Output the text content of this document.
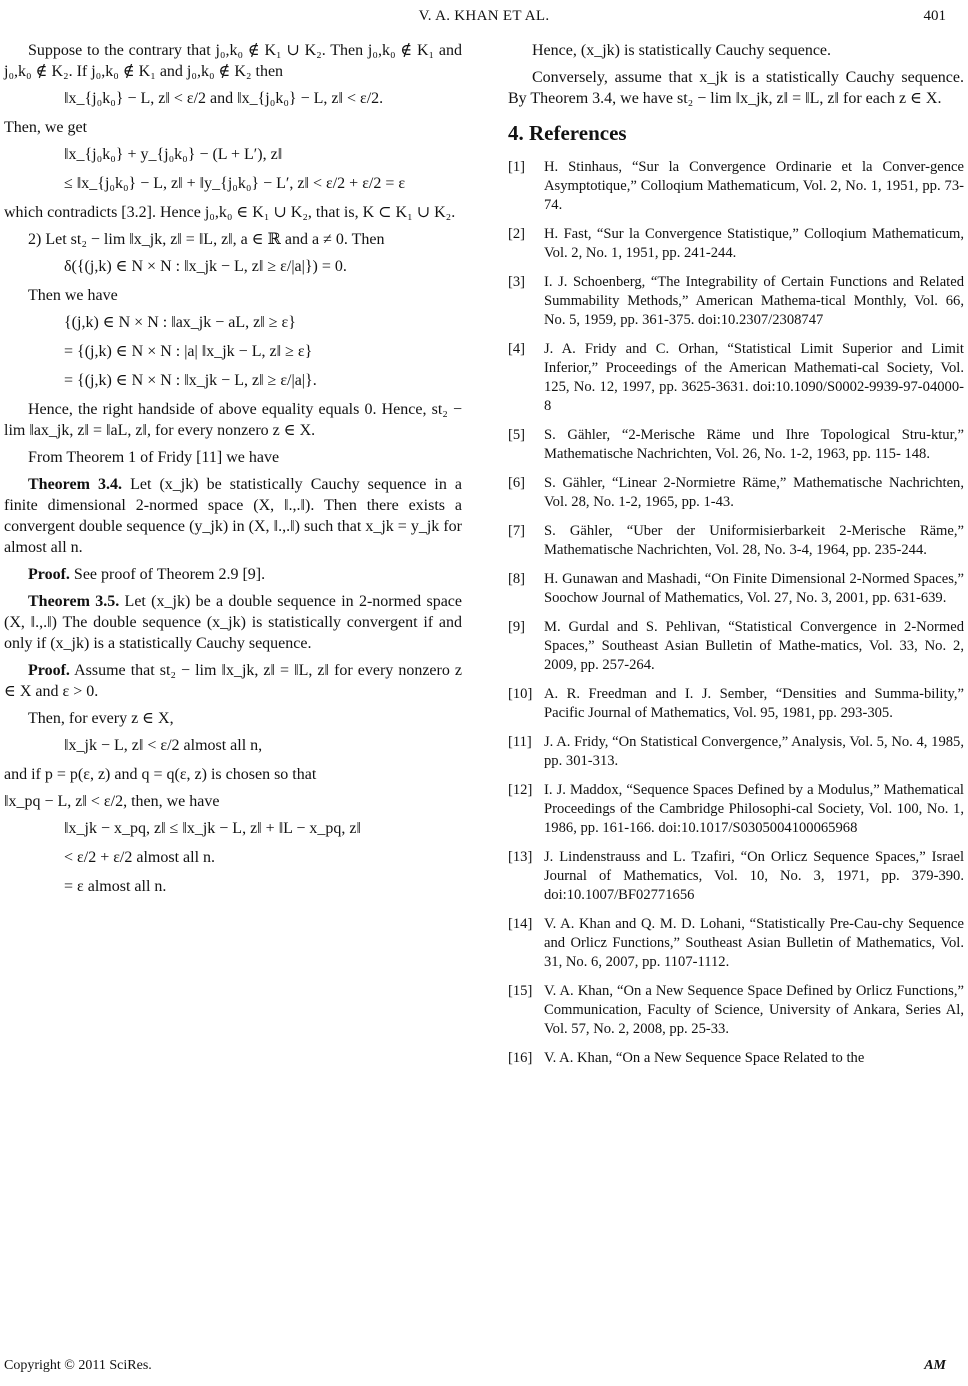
V. A. KHAN ET AL.	401

Suppose to the contrary that j₀,k₀ ∉ K₁ ∪ K₂. Then j₀,k₀ ∉ K₁ and j₀,k₀ ∉ K₂. If j₀,k₀ ∉ K₁ and j₀,k₀ ∉ K₂ then

‖x_{j₀k₀} − L, z‖ < ε/2 and ‖x_{j₀k₀} − L, z‖ < ε/2.

Then, we get

‖x_{j₀k₀} + y_{j₀k₀} − (L + L′), z‖
≤ ‖x_{j₀k₀} − L, z‖ + ‖y_{j₀k₀} − L′, z‖ < ε/2 + ε/2 = ε

which contradicts [3.2]. Hence j₀,k₀ ∈ K₁ ∪ K₂, that is, K ⊂ K₁ ∪ K₂.

2) Let st₂ − lim ‖x_jk, z‖ = ‖L, z‖, a ∈ ℝ and a ≠ 0. Then

δ({(j,k) ∈ N × N : ‖x_jk − L, z‖ ≥ ε/|a|}) = 0.

Then we have

{(j,k) ∈ N × N : ‖ax_jk − aL, z‖ ≥ ε}
= {(j,k) ∈ N × N : |a| ‖x_jk − L, z‖ ≥ ε}
= {(j,k) ∈ N × N : ‖x_jk − L, z‖ ≥ ε/|a|}.

Hence, the right handside of above equality equals 0. Hence, st₂ − lim ‖ax_jk, z‖ = ‖aL, z‖, for every nonzero z ∈ X.

From Theorem 1 of Fridy [11] we have

Theorem 3.4. Let (x_jk) be statistically Cauchy sequence in a finite dimensional 2-normed space (X, ‖.,.‖). Then there exists a convergent double sequence (y_jk) in (X, ‖.,.‖) such that x_jk = y_jk for almost all n.

Proof. See proof of Theorem 2.9 [9].

Theorem 3.5. Let (x_jk) be a double sequence in 2-normed space (X, ‖.,.‖) The double sequence (x_jk) is statistically convergent if and only if (x_jk) is a statistically Cauchy sequence.

Proof. Assume that st₂ − lim ‖x_jk, z‖ = ‖L, z‖ for every nonzero z ∈ X and ε > 0.

Then, for every z ∈ X,

‖x_jk − L, z‖ < ε/2 almost all n,

and if p = p(ε, z) and q = q(ε, z) is chosen so that

‖x_pq − L, z‖ < ε/2, then, we have

‖x_jk − x_pq, z‖ ≤ ‖x_jk − L, z‖ + ‖L − x_pq, z‖
< ε/2 + ε/2 almost all n.
= ε almost all n.

Hence, (x_jk) is statistically Cauchy sequence.

Conversely, assume that x_jk is a statistically Cauchy sequence. By Theorem 3.4, we have st₂ − lim ‖x_jk, z‖ = ‖L, z‖ for each z ∈ X.

4. References
[1]	H. Stinhaus, “Sur la Convergence Ordinarie et la Conver-gence Asymptotique,” Colloqium Mathematicum, Vol. 2, No. 1, 1951, pp. 73-74.
[2]	H. Fast, “Sur la Convergence Statistique,” Colloqium Mathematicum, Vol. 2, No. 1, 1951, pp. 241-244.
[3]	I. J. Schoenberg, “The Integrability of Certain Functions and Related Summability Methods,” American Mathema-tical Monthly, Vol. 66, No. 5, 1959, pp. 361-375. doi:10.2307/2308747
[4]	J. A. Fridy and C. Orhan, “Statistical Limit Superior and Limit Inferior,” Proceedings of the American Mathemati-cal Society, Vol. 125, No. 12, 1997, pp. 3625-3631. doi:10.1090/S0002-9939-97-04000-8
[5]	S. Gähler, “2-Merische Räme und Ihre Topological Stru-ktur,” Mathematische Nachrichten, Vol. 26, No. 1-2, 1963, pp. 115- 148.
[6]	S. Gähler, “Linear 2-Normietre Räme,” Mathematische Nachrichten, Vol. 28, No. 1-2, 1965, pp. 1-43.
[7]	S. Gähler, “Uber der Uniformisierbarkeit 2-Merische Räme,” Mathematische Nachrichten, Vol. 28, No. 3-4, 1964, pp. 235-244.
[8]	H. Gunawan and Mashadi, “On Finite Dimensional 2-Normed Spaces,” Soochow Journal of Mathematics, Vol. 27, No. 3, 2001, pp. 631-639.
[9]	M. Gurdal and S. Pehlivan, “Statistical Convergence in 2-Normed Spaces,” Southeast Asian Bulletin of Mathe-matics, Vol. 33, No. 2, 2009, pp. 257-264.
[10] A. R. Freedman and I. J. Sember, “Densities and Summa-bility,” Pacific Journal of Mathematics, Vol. 95, 1981, pp. 293-305.
[11] J. A. Fridy, “On Statistical Convergence,” Analysis, Vol. 5, No. 4, 1985, pp. 301-313.
[12] I. J. Maddox, “Sequence Spaces Defined by a Modulus,” Mathematical Proceedings of the Cambridge Philosophi-cal Society, Vol. 100, No. 1, 1986, pp. 161-166. doi:10.1017/S0305004100065968
[13] J. Lindenstrauss and L. Tzafiri, “On Orlicz Sequence Spaces,” Israel Journal of Mathematics, Vol. 10, No. 3, 1971, pp. 379-390. doi:10.1007/BF02771656
[14] V. A. Khan and Q. M. D. Lohani, “Statistically Pre-Cau-chy Sequence and Orlicz Functions,” Southeast Asian Bulletin of Mathematics, Vol. 31, No. 6, 2007, pp. 1107-1112.
[15] V. A. Khan, “On a New Sequence Space Defined by Orlicz Functions,” Communication, Faculty of Science, University of Ankara, Series Al, Vol. 57, No. 2, 2008, pp. 25-33.
[16] V. A. Khan, “On a New Sequence Space Related to the
Copyright © 2011 SciRes.	AM
